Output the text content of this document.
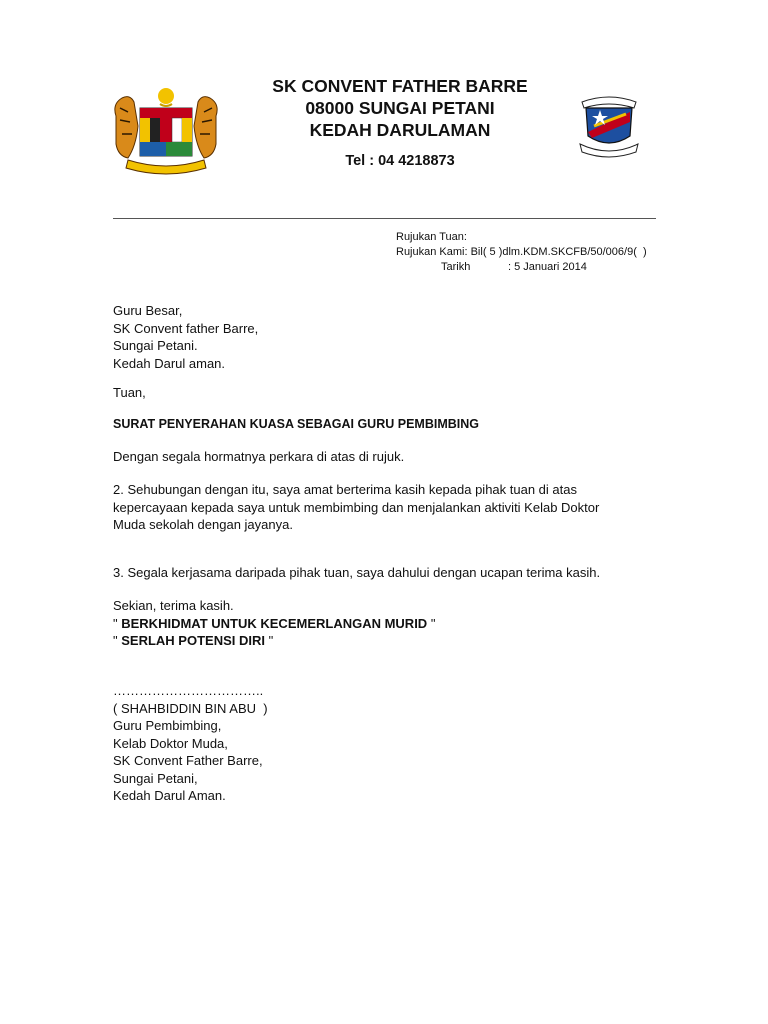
SK CONVENT FATHER BARRE
08000 SUNGAI PETANI
KEDAH DARULAMAN
Tel : 04 4218873
Rujukan Tuan:
Rujukan Kami: Bil( 5 )dlm.KDM.SKCFB/50/006/9(  )
Tarikh	: 5 Januari 2014
Guru Besar,
SK Convent father Barre,
Sungai Petani.
Kedah Darul aman.
Tuan,
SURAT PENYERAHAN KUASA SEBAGAI GURU PEMBIMBING
Dengan segala hormatnya perkara di atas di rujuk.
2. Sehubungan dengan itu, saya amat berterima kasih kepada pihak tuan di atas
kepercayaan kepada saya untuk membimbing dan menjalankan aktiviti Kelab Doktor
Muda sekolah dengan jayanya.
3. Segala kerjasama daripada pihak tuan, saya dahului dengan ucapan terima kasih.
Sekian, terima kasih.
" BERKHIDMAT UNTUK KECEMERLANGAN MURID "
" SERLAH POTENSI DIRI "
……………………………..
( SHAHBIDDIN BIN ABU  )
Guru Pembimbing,
Kelab Doktor Muda,
SK Convent Father Barre,
Sungai Petani,
Kedah Darul Aman.
